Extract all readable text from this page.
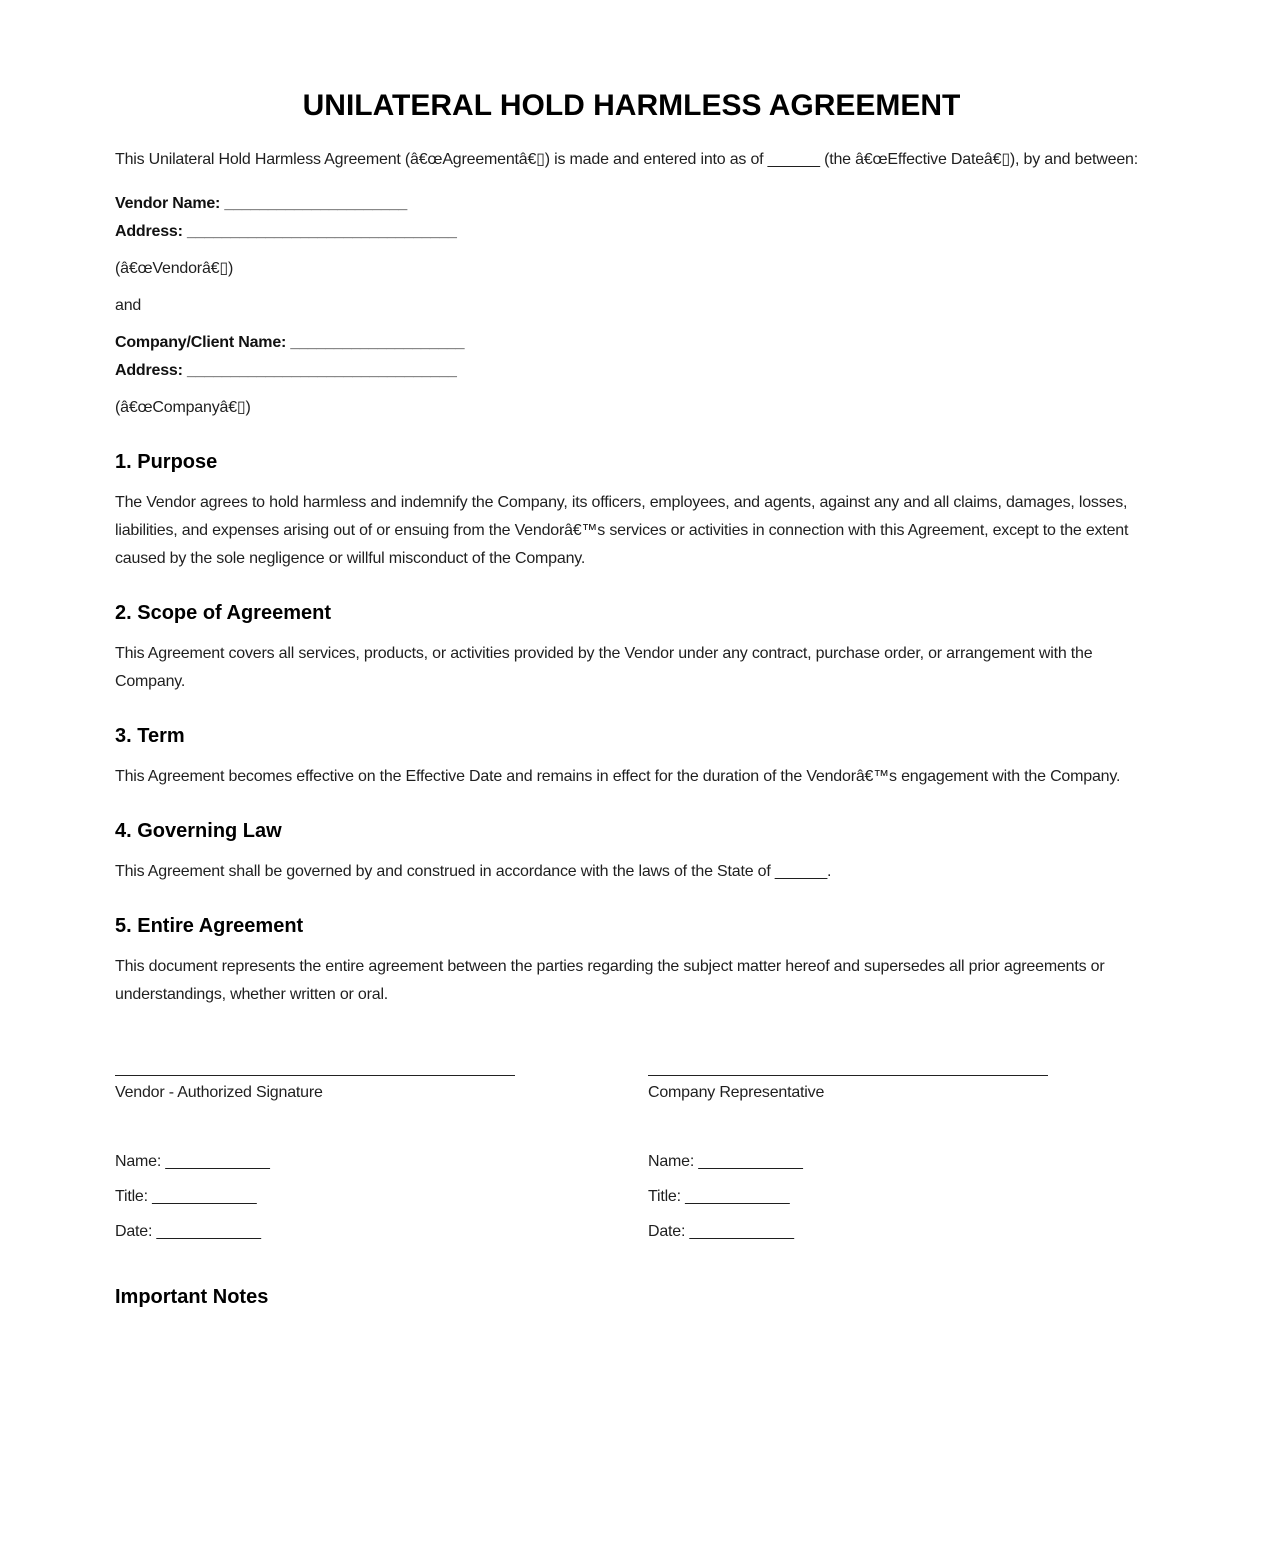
UNILATERAL HOLD HARMLESS AGREEMENT

This Unilateral Hold Harmless Agreement (â€œAgreementâ€▯) is made and entered into as of ______ (the â€œEffective Dateâ€▯), by and between:

Vendor Name: _____________________

Address: _______________________________

(â€œVendorâ€▯)

and

Company/Client Name: ____________________

Address: _______________________________

(â€œCompanyâ€▯)

1. Purpose

The Vendor agrees to hold harmless and indemnify the Company, its officers, employees, and agents, against any and all claims, damages, losses, liabilities, and expenses arising out of or ensuing from the Vendorâ€™s services or activities in connection with this Agreement, except to the extent caused by the sole negligence or willful misconduct of the Company.

2. Scope of Agreement

This Agreement covers all services, products, or activities provided by the Vendor under any contract, purchase order, or arrangement with the Company.

3. Term

This Agreement becomes effective on the Effective Date and remains in effect for the duration of the Vendorâ€™s engagement with the Company.

4. Governing Law

This Agreement shall be governed by and construed in accordance with the laws of the State of ______.

5. Entire Agreement

This document represents the entire agreement between the parties regarding the subject matter hereof and supersedes all prior agreements or understandings, whether written or oral.

Vendor - Authorized Signature

Name: ____________

Title: ____________

Date: ____________

Company Representative

Name: ____________

Title: ____________

Date: ____________

Important Notes
